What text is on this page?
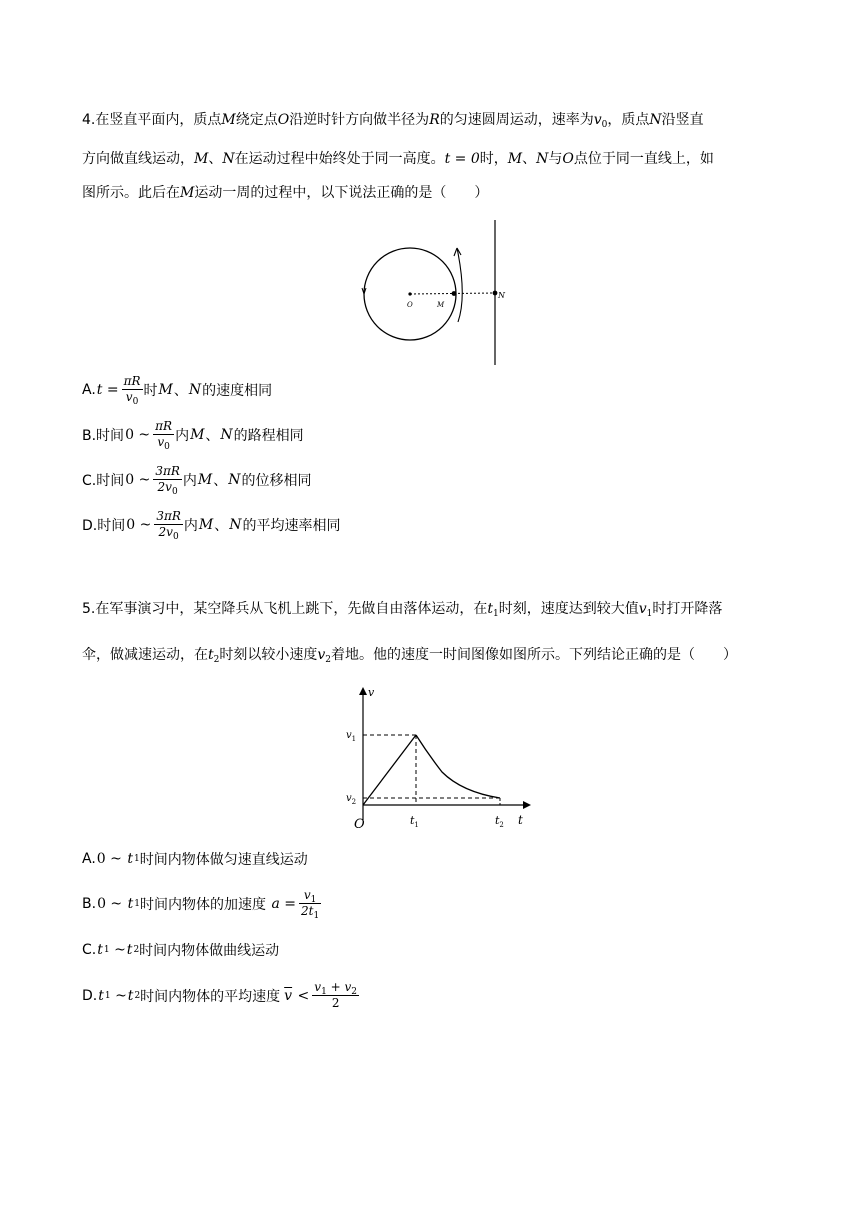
4.在竖直平面内，质点M绕定点O沿逆时针方向做半径为R的匀速圆周运动，速率为$v_0$，质点N沿竖直
方向做直线运动，M、N在运动过程中始终处于同一高度。t = 0时，M、N与O点位于同一直线上，如
图所示。此后在M运动一周的过程中，以下说法正确的是（　　）
O	M
N
A. $t = \frac{\pi R}{v_0}$ 时 M 、 N 的速度相同
B.时间 0 ~ $\frac{\pi R}{v_0}$ 内 M 、 N 的路程相同
C.时间 0 ~ $\frac{3\pi R}{2v_0}$ 内 M 、 N 的位移相同
D.时间 0 ~ $\frac{3\pi R}{2v_0}$ 内 M 、 N 的平均速率相同
5.在军事演习中，某空降兵从飞机上跳下，先做自由落体运动，在$t_1$时刻，速度达到较大值$v_1$时打开降落
伞，做减速运动，在$t_2$时刻以较小速度$v_2$着地。他的速度一时间图像如图所示。下列结论正确的是（　　）
v
$v_1$
$v_2$
O	$t_1$	$t_2$ t
A. 0 ~
t 1 时间内物体做匀速直线运动
B. 0 ~
t 1 时间内物体的加速度
$a = \frac{v_1}{2t_1}$
C. t 1
~ t 2 时间内物体做曲线运动
D. t 1
~ t 2 时间内物体的平均速度 $\overline{v}$
< $\frac{v_1 + v_2}{2}$
